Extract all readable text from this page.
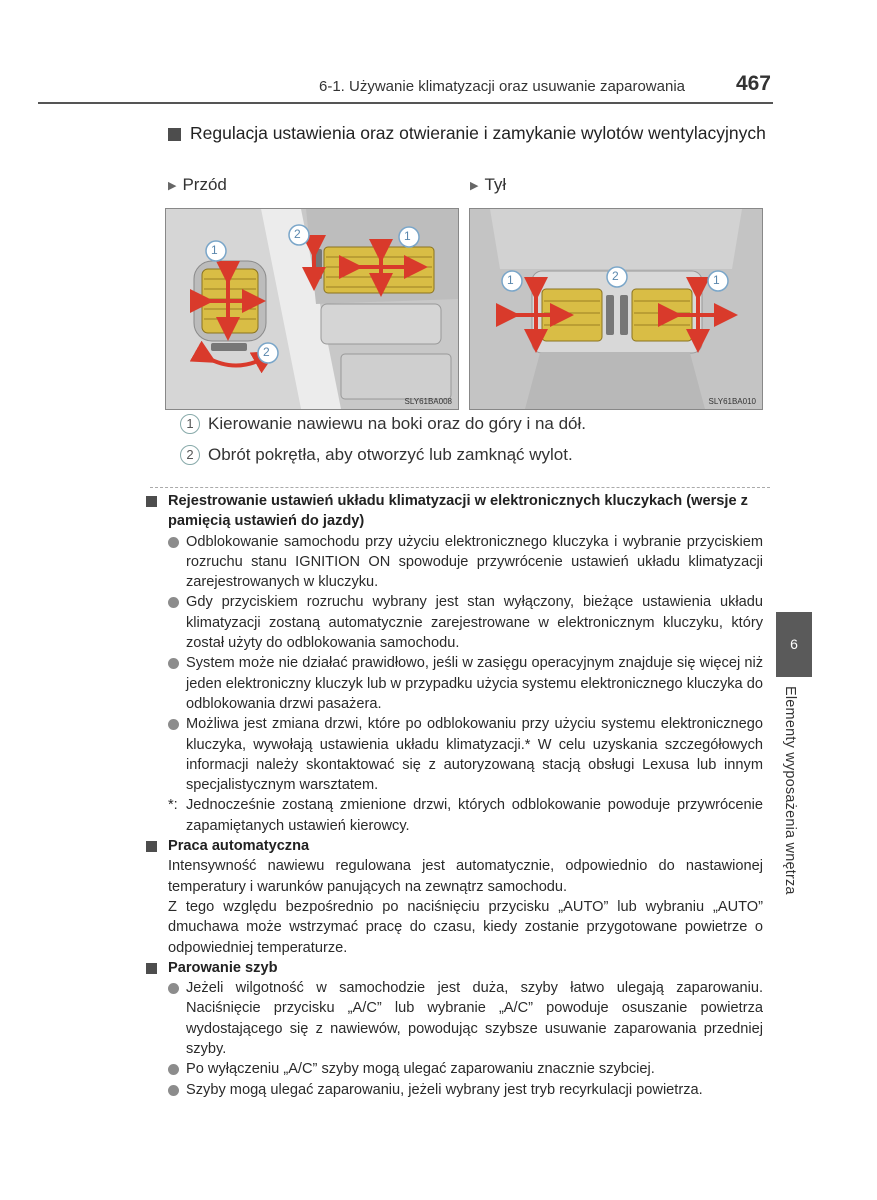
6-1. Używanie klimatyzacji oraz usuwanie zaparowania 467
Regulacja ustawienia oraz otwieranie i zamykanie wylotów wentylacyjnych
▶ Przód	▶ Tył
1
2	1
2
SLY61BA008
1	2	1
SLY61BA010
1 Kierowanie nawiewu na boki oraz do góry i na dół.
2 Obrót pokrętła, aby otworzyć lub zamknąć wylot.
Rejestrowanie ustawień układu klimatyzacji w elektronicznych kluczykach (wersje z pamięcią ustawień do jazdy)
Odblokowanie samochodu przy użyciu elektronicznego kluczyka i wybranie przyciskiem rozruchu stanu IGNITION ON spowoduje przywrócenie ustawień układu klimatyzacji zarejestrowanych w kluczyku.
Gdy przyciskiem rozruchu wybrany jest stan wyłączony, bieżące ustawienia układu klimatyzacji zostaną automatycznie zarejestrowane w elektronicznym kluczyku, który został użyty do odblokowania samochodu.
System może nie działać prawidłowo, jeśli w zasięgu operacyjnym znajduje się więcej niż jeden elektroniczny kluczyk lub w przypadku użycia systemu elektronicznego kluczyka do odblokowania drzwi pasażera.
Możliwa jest zmiana drzwi, które po odblokowaniu przy użyciu systemu elektronicznego kluczyka, wywołają ustawienia układu klimatyzacji.* W celu uzyskania szczegółowych informacji należy skontaktować się z autoryzowaną stacją obsługi Lexusa lub innym specjalistycznym warsztatem.
*: Jednocześnie zostaną zmienione drzwi, których odblokowanie powoduje przywrócenie zapamiętanych ustawień kierowcy.
Praca automatyczna
Intensywność nawiewu regulowana jest automatycznie, odpowiednio do nastawionej temperatury i warunków panujących na zewnątrz samochodu.
Z tego względu bezpośrednio po naciśnięciu przycisku „AUTO” lub wybraniu „AUTO” dmuchawa może wstrzymać pracę do czasu, kiedy zostanie przygotowane powietrze o odpowiedniej temperaturze.
Parowanie szyb
Jeżeli wilgotność w samochodzie jest duża, szyby łatwo ulegają zaparowaniu. Naciśnięcie przycisku „A/C” lub wybranie „A/C” powoduje osuszanie powietrza wydostającego się z nawiewów, powodując szybsze usuwanie zaparowania przedniej szyby.
Po wyłączeniu „A/C” szyby mogą ulegać zaparowaniu znacznie szybciej.
Szyby mogą ulegać zaparowaniu, jeżeli wybrany jest tryb recyrkulacji powietrza.
6
Elementy wyposażenia wnętrza
